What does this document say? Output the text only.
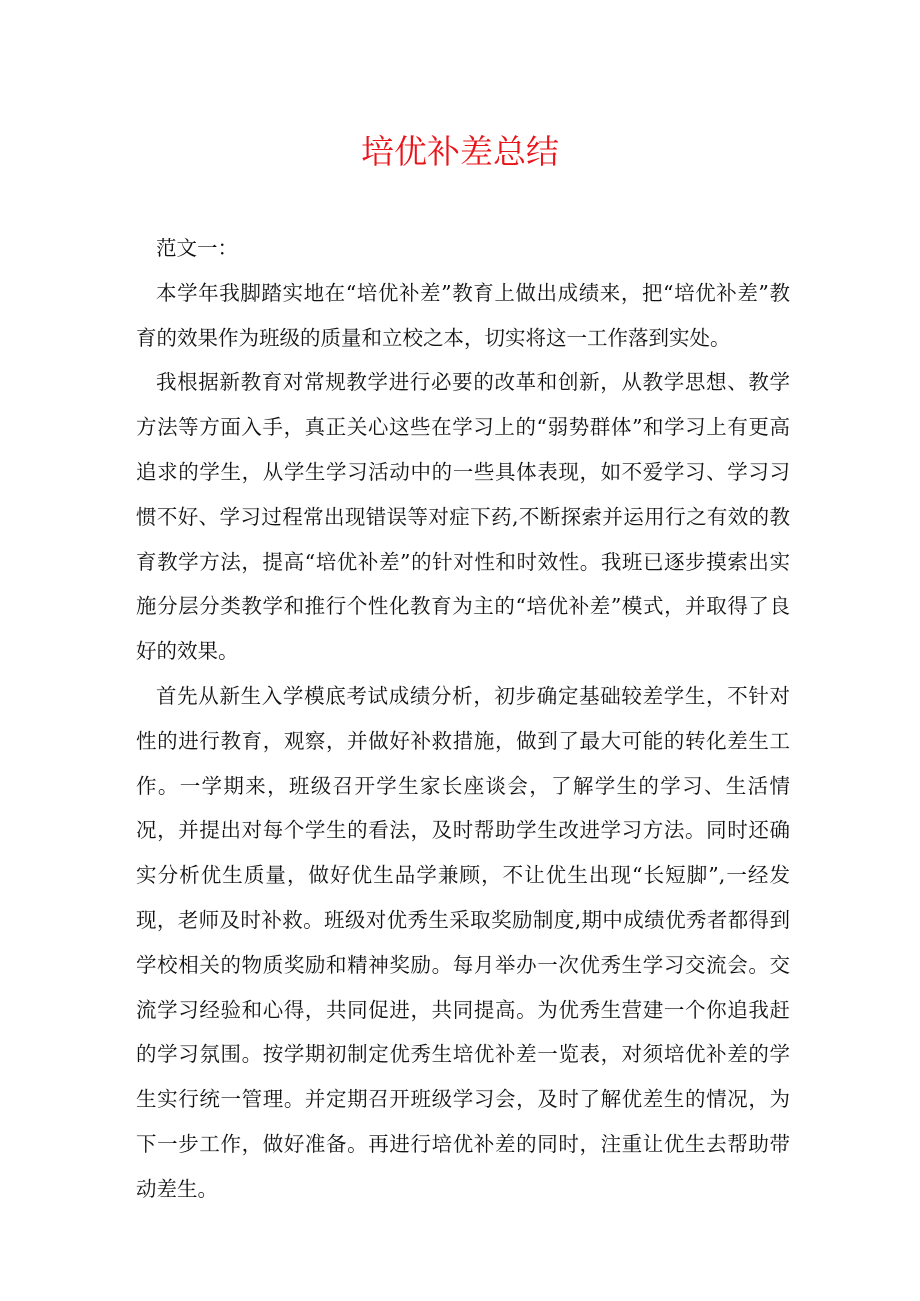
培优补差总结

范文一：

本学年我脚踏实地在“培优补差”教育上做出成绩来，把“培优补差”教育的效果作为班级的质量和立校之本，切实将这一工作落到实处。

我根据新教育对常规教学进行必要的改革和创新，从教学思想、教学方法等方面入手，真正关心这些在学习上的“弱势群体”和学习上有更高追求的学生，从学生学习活动中的一些具体表现，如不爱学习、学习习惯不好、学习过程常出现错误等对症下药,不断探索并运用行之有效的教育教学方法，提高“培优补差”的针对性和时效性。我班已逐步摸索出实施分层分类教学和推行个性化教育为主的“培优补差”模式，并取得了良好的效果。

首先从新生入学模底考试成绩分析，初步确定基础较差学生，不针对性的进行教育，观察，并做好补救措施，做到了最大可能的转化差生工作。一学期来，班级召开学生家长座谈会，了解学生的学习、生活情况，并提出对每个学生的看法，及时帮助学生改进学习方法。同时还确实分析优生质量，做好优生品学兼顾，不让优生出现“长短脚”,一经发现，老师及时补救。班级对优秀生采取奖励制度,期中成绩优秀者都得到学校相关的物质奖励和精神奖励。每月举办一次优秀生学习交流会。交流学习经验和心得，共同促进，共同提高。为优秀生营建一个你追我赶的学习氛围。按学期初制定优秀生培优补差一览表，对须培优补差的学生实行统一管理。并定期召开班级学习会，及时了解优差生的情况，为下一步工作，做好准备。再进行培优补差的同时，注重让优生去帮助带动差生。
